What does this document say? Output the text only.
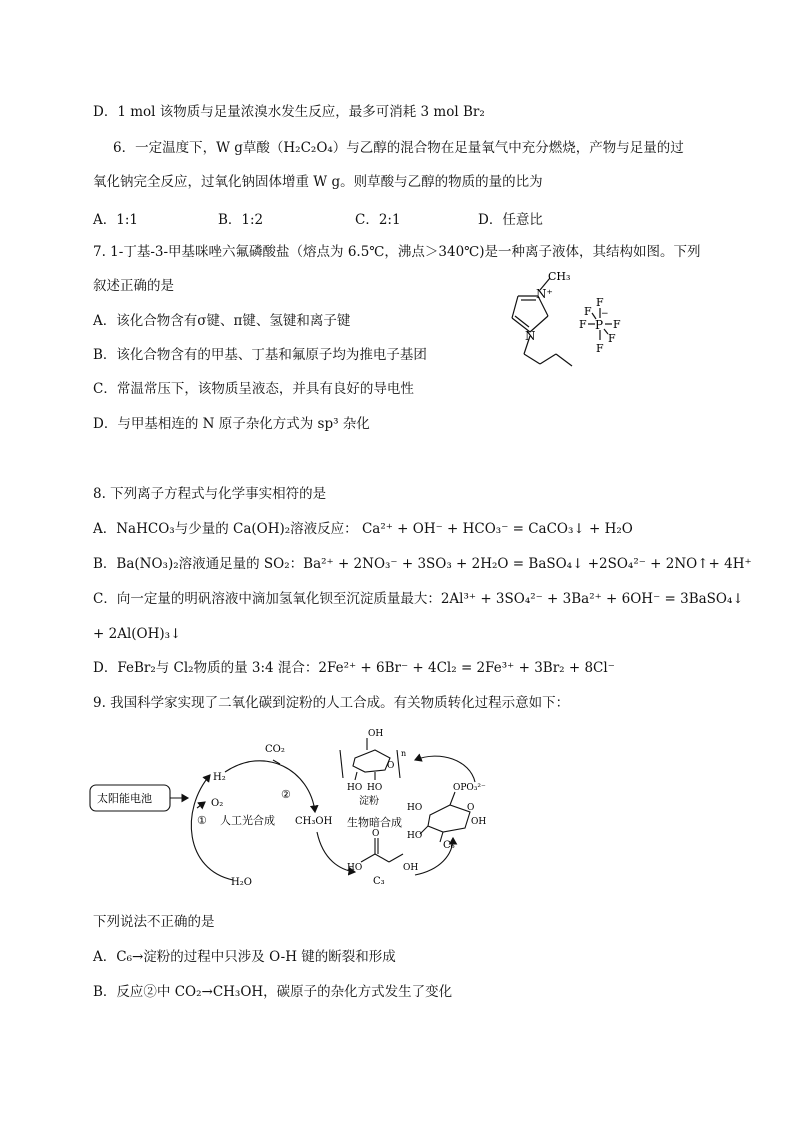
D．1 mol 该物质与足量浓溴水发生反应，最多可消耗 3 mol Br₂
6．一定温度下，W g草酸（H₂C₂O₄）与乙醇的混合物在足量氧气中充分燃烧，产物与足量的过
氧化钠完全反应，过氧化钠固体增重 W g。则草酸与乙醇的物质的量的比为
A．1:1	B．1:2	C．2:1	D．任意比
7. 1-丁基-3-甲基咪唑六氟磷酸盐（熔点为 6.5℃，沸点＞340℃)是一种离子液体，其结构如图。下列
叙述正确的是
A．该化合物含有σ键、π键、氢键和离子键
B．该化合物含有的甲基、丁基和氟原子均为推电子基团
C．常温常压下，该物质呈液态，并具有良好的导电性
D．与甲基相连的 N 原子杂化方式为 sp³ 杂化
N⁺
CH₃
N
P
−
F
F
F F
F
F
8. 下列离子方程式与化学事实相符的是
A．NaHCO₃与少量的 Ca(OH)₂溶液反应： Ca²⁺ + OH⁻ + HCO₃⁻ = CaCO₃↓ + H₂O
B．Ba(NO₃)₂溶液通足量的 SO₂：Ba²⁺ + 2NO₃⁻ + 3SO₃ + 2H₂O = BaSO₄↓ +2SO₄²⁻ + 2NO↑+ 4H⁺
C．向一定量的明矾溶液中滴加氢氧化钡至沉淀质量最大：2Al³⁺ + 3SO₄²⁻ + 3Ba²⁺ + 6OH⁻ = 3BaSO₄↓
+ 2Al(OH)₃↓
D．FeBr₂与 Cl₂物质的量 3:4 混合：2Fe²⁺ + 6Br⁻ + 4Cl₂ = 2Fe³⁺ + 3Br₂ + 8Cl⁻
9. 我国科学家实现了二氧化碳到淀粉的人工合成。有关物质转化过程示意如下：
太阳能电池
H₂
O₂
① 人工光合成
H₂O
CO₂
②
CH₃OH 生物暗合成
HO	OH
O
C₃
C₆
HO HO
OH
O
n
淀粉
OPO₃²⁻
HO
HO
OH
O
下列说法不正确的是
A．C₆→淀粉的过程中只涉及 O-H 键的断裂和形成
B．反应②中 CO₂→CH₃OH，碳原子的杂化方式发生了变化
